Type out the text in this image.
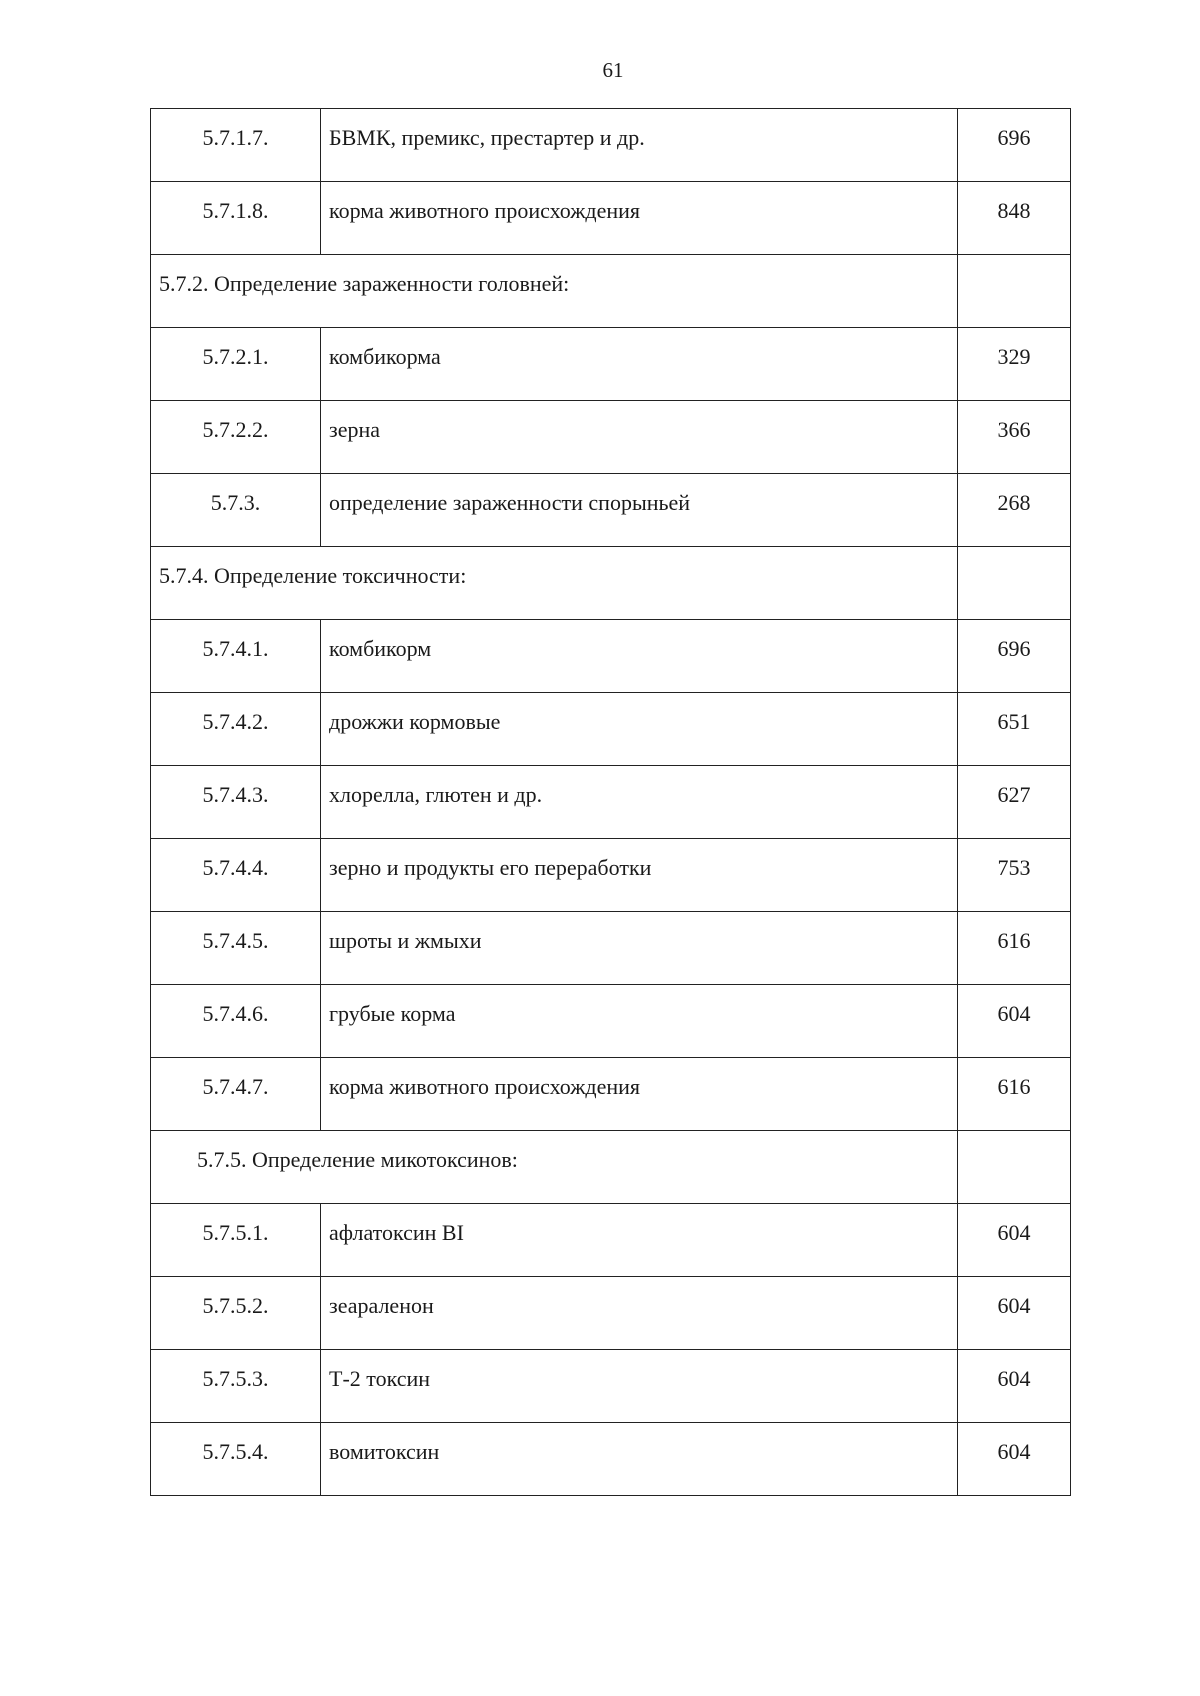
61
5.7.1.7.	БВМК, премикс, престартер и др.	696
5.7.1.8.	корма животного происхождения	848
5.7.2. Определение зараженности головней:		
5.7.2.1.	комбикорма	329
5.7.2.2.	зерна	366
5.7.3.	определение зараженности спорыньей	268
5.7.4. Определение токсичности:		
5.7.4.1.	комбикорм	696
5.7.4.2.	дрожжи кормовые	651
5.7.4.3.	хлорелла, глютен и др.	627
5.7.4.4.	зерно и продукты его переработки	753
5.7.4.5.	шроты и жмыхи	616
5.7.4.6.	грубые корма	604
5.7.4.7.	корма животного происхождения	616
5.7.5. Определение микотоксинов:		
5.7.5.1.	афлатоксин BI	604
5.7.5.2.	зеараленон	604
5.7.5.3.	Т-2 токсин	604
5.7.5.4.	вомитоксин	604
